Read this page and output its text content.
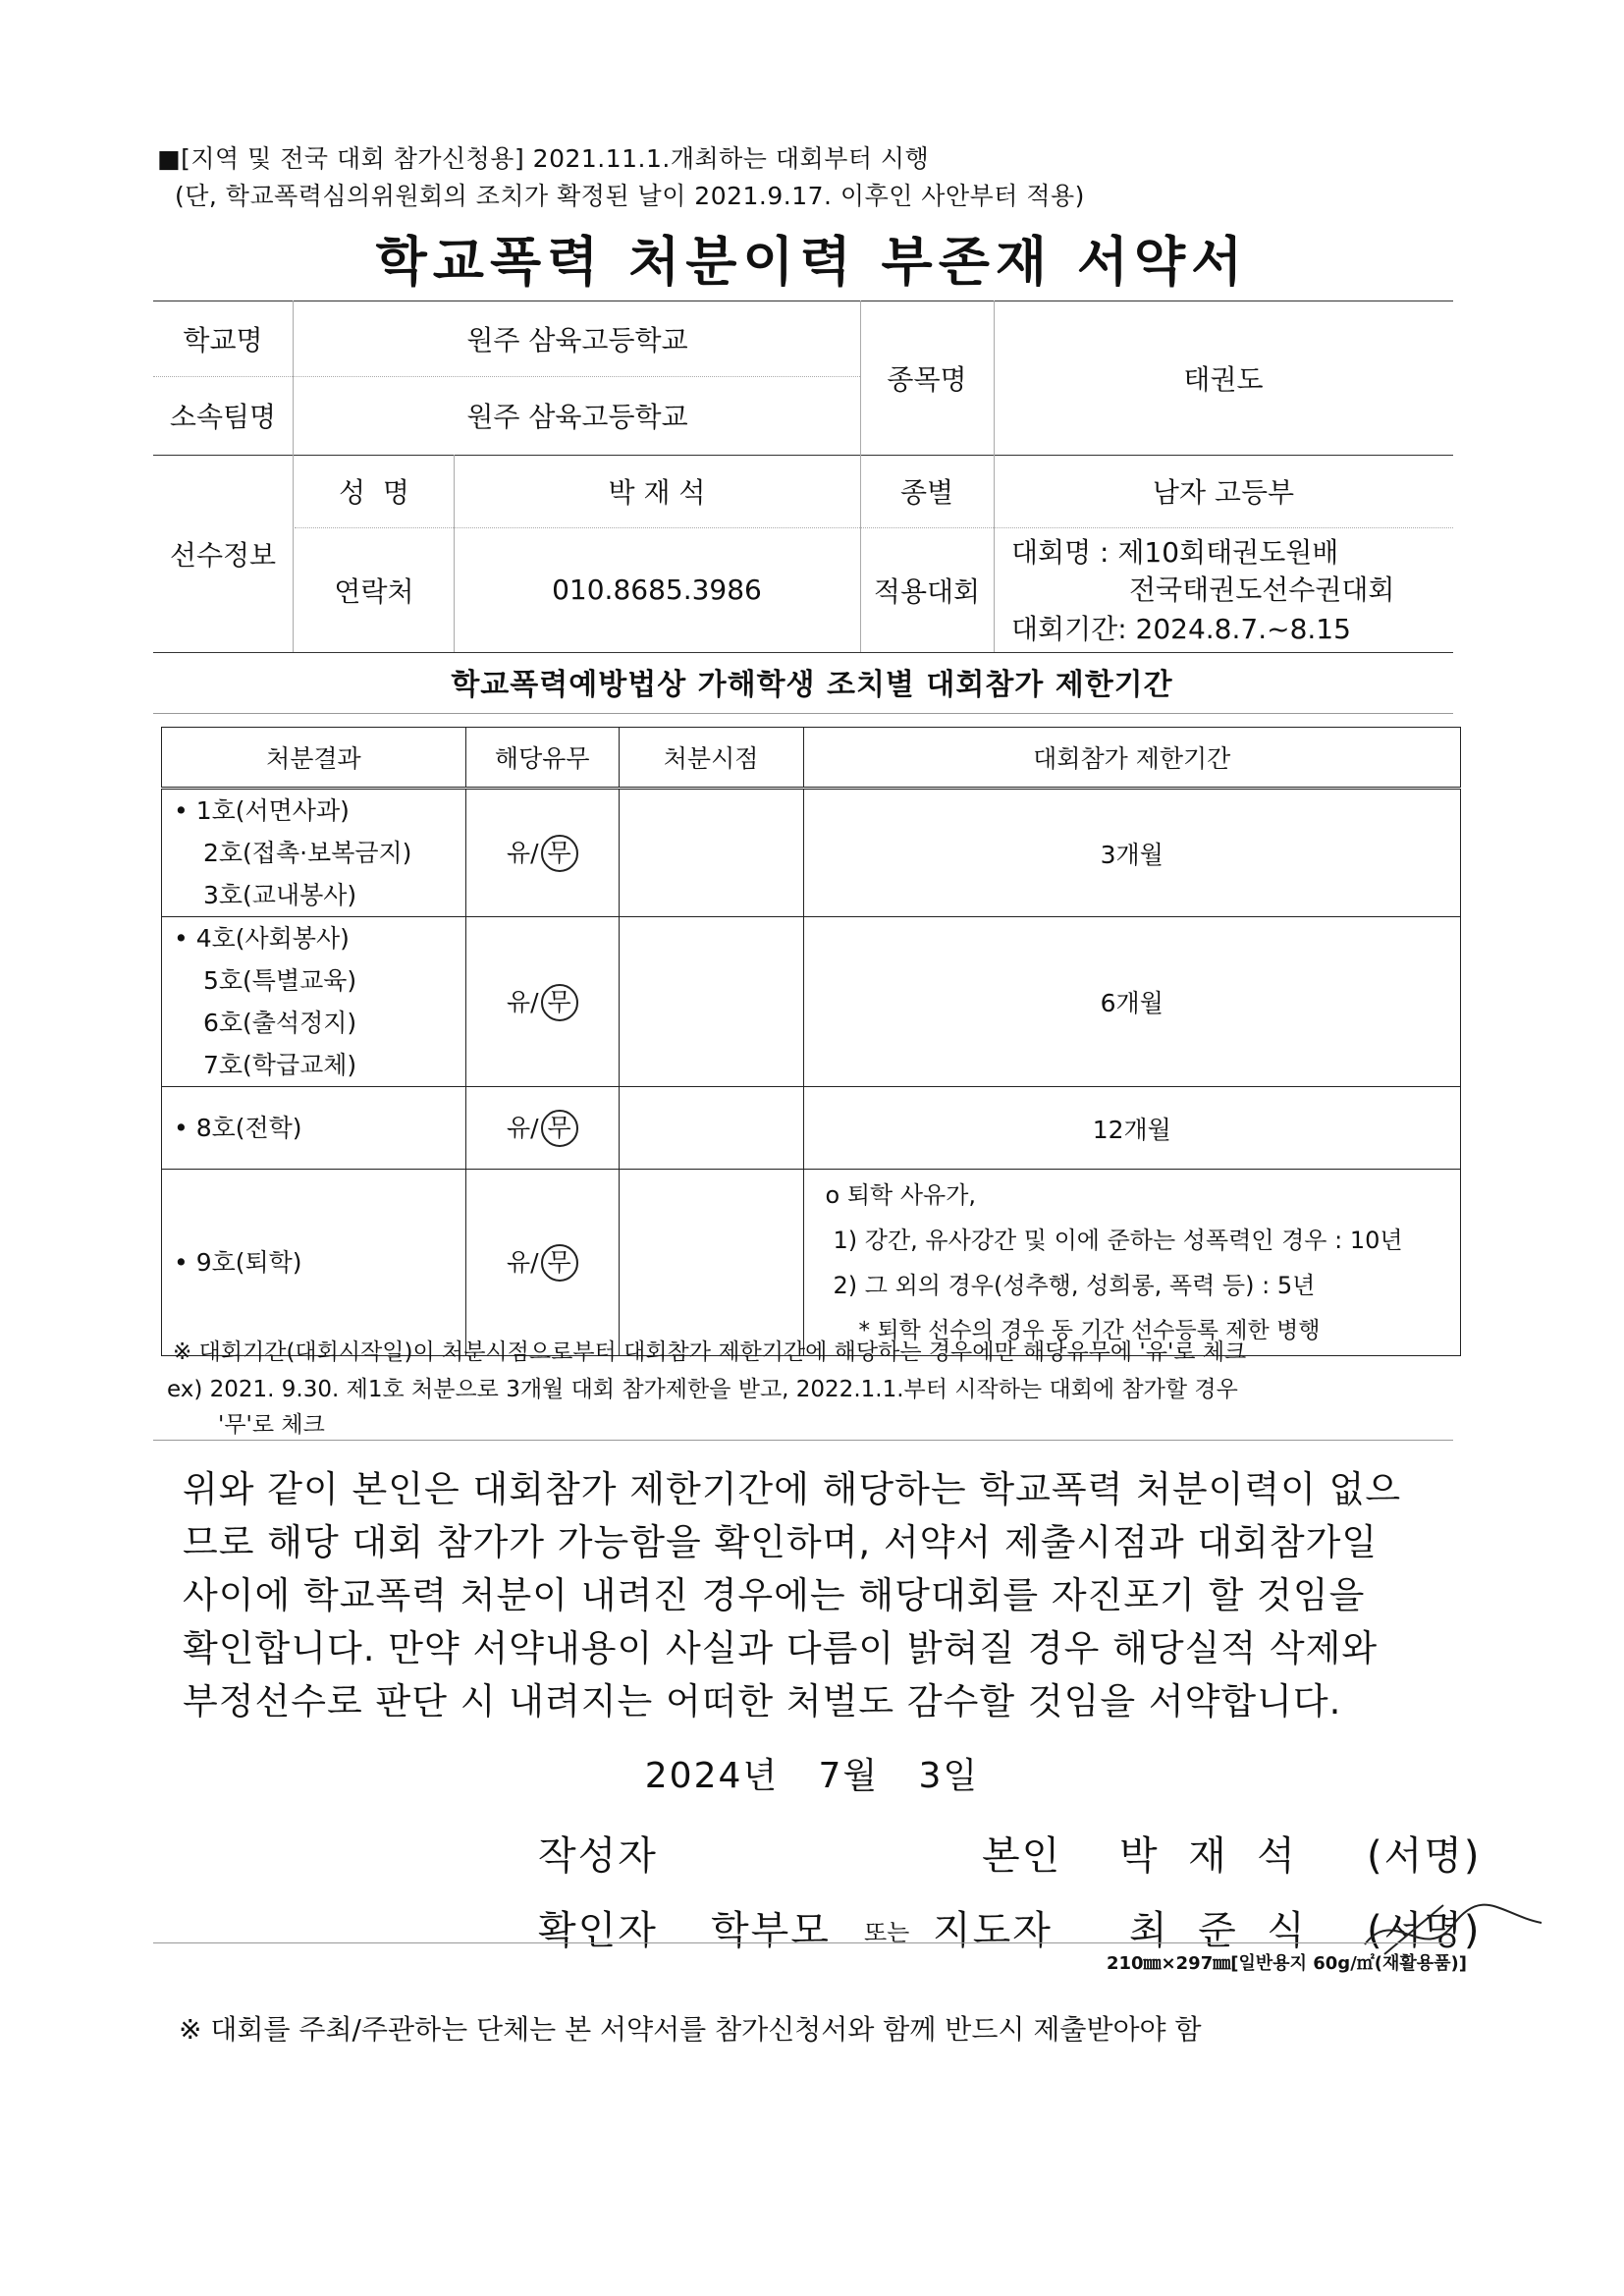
■[지역 및 전국 대회 참가신청용] 2021.11.1.개최하는 대회부터 시행
(단, 학교폭력심의위원회의 조치가 확정된 날이 2021.9.17. 이후인 사안부터 적용)
학교폭력 처분이력 부존재 서약서
학교명	원주 삼육고등학교
소속팀명	원주 삼육고등학교
종목명	태권도
선수정보
성  명	박 재 석	종별	남자 고등부
연락처	010.8685.3986	적용대회
대회명 : 제10회태권도원배
전국태권도선수권대회
대회기간: 2024.8.7.~8.15
학교폭력예방법상 가해학생 조치별 대회참가 제한기간
처분결과	해당유무	처분시점	대회참가 제한기간

• 1호(서면사과)
2호(접촉·보복금지)
3호(교내봉사)	유/ 무		3개월

• 4호(사회봉사)
5호(특별교육)
6호(출석정지)
7호(학급교체)	유/ 무		6개월

• 8호(전학)	유/ 무		12개월

• 9호(퇴학)	유/ 무		o 퇴학 사유가,
1) 강간, 유사강간 및 이에 준하는 성폭력인 경우 : 10년
2) 그 외의 경우(성추행, 성희롱, 폭력 등) : 5년
* 퇴학 선수의 경우 동 기간 선수등록 제한 병행
※ 대회기간(대회시작일)이 처분시점으로부터 대회참가 제한기간에 해당하는 경우에만 해당유무에 '유'로 체크
ex) 2021. 9.30. 제1호 처분으로 3개월 대회 참가제한을 받고, 2022.1.1.부터 시작하는 대회에 참가할 경우
'무'로 체크

위와 같이 본인은 대회참가 제한기간에 해당하는 학교폭력 처분이력이 없으

므로 해당 대회 참가가 가능함을 확인하며, 서약서 제출시점과 대회참가일

사이에 학교폭력 처분이 내려진 경우에는 해당대회를 자진포기 할 것임을

확인합니다. 만약 서약내용이 사실과 다름이 밝혀질 경우 해당실적 삭제와

부정선수로 판단 시 내려지는 어떠한 처벌도 감수할 것임을 서약합니다.

2024년   7월   3일
작성자	본인 박  재  석 (서명)
확인자 학부모 또는 지도자 최  준  식 (서명)
210㎜×297㎜[일반용지 60g/㎡(재활용품)]
※ 대회를 주최/주관하는 단체는 본 서약서를 참가신청서와 함께 반드시 제출받아야 함
